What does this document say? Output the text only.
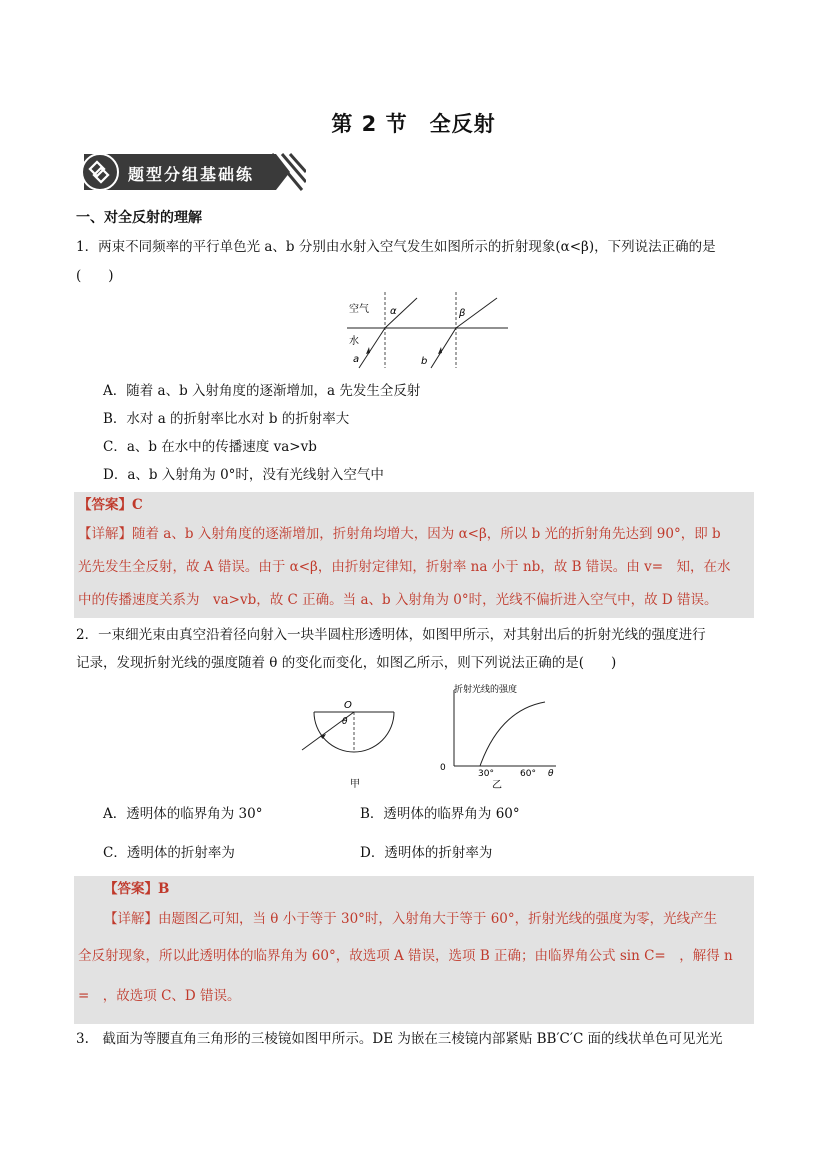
第 2 节　全反射
题型分组基础练
一、对全反射的理解
1．两束不同频率的平行单色光 a、b 分别由水射入空气发生如图所示的折射现象(α<β)，下列说法正确的是
(　　)
空气
水
α	β
a	b
A．随着 a、b 入射角度的逐渐增加，a 先发生全反射
B．水对 a 的折射率比水对 b 的折射率大
C．a、b 在水中的传播速度 va>vb
D．a、b 入射角为 0°时，没有光线射入空气中

【答案】C

【详解】随着 a、b 入射角度的逐渐增加，折射角均增大，因为 α<β，所以 b 光的折射角先达到 90°，即 b

光先发生全反射，故 A 错误。由于 α<β，由折射定律知，折射率 na 小于 nb，故 B 错误。由 v=　知，在水

中的传播速度关系为　va>vb，故 C 正确。当 a、b 入射角为 0°时，光线不偏折进入空气中，故 D 错误。

2．一束细光束由真空沿着径向射入一块半圆柱形透明体，如图甲所示，对其射出后的折射光线的强度进行
记录，发现折射光线的强度随着 θ 的变化而变化，如图乙所示，则下列说法正确的是(　　)
O
θ
甲
折射光线的强度
0
30°	60° θ
乙
A．透明体的临界角为 30°	B．透明体的临界角为 60°
C．透明体的折射率为	D．透明体的折射率为

【答案】B

【详解】由题图乙可知，当 θ 小于等于 30°时，入射角大于等于 60°，折射光线的强度为零，光线产生

全反射现象，所以此透明体的临界角为 60°，故选项 A 错误，选项 B 正确；由临界角公式 sin C=　，解得 n

=　，故选项 C、D 错误。

3.　截面为等腰直角三角形的三棱镜如图甲所示。DE 为嵌在三棱镜内部紧贴 BB′C′C 面的线状单色可见光光
